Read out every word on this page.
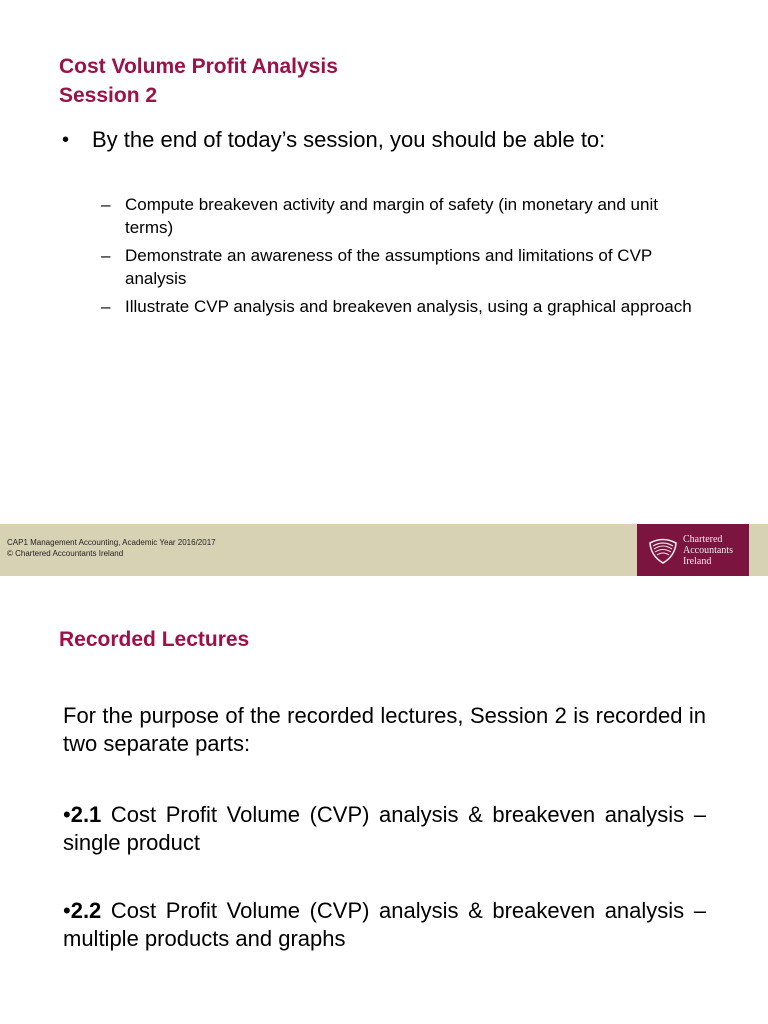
Cost Volume Profit Analysis
Session 2
• By the end of today’s session, you should be able to:
– Compute breakeven activity and margin of safety (in monetary and unit terms)
– Demonstrate an awareness of the assumptions and limitations of CVP analysis
– Illustrate CVP analysis and breakeven analysis, using a graphical approach
CAP1 Management Accounting, Academic Year 2016/2017
© Chartered Accountants Ireland
Chartered
Accountants
Ireland
Recorded Lectures
For the purpose of the recorded lectures, Session 2 is recorded in two separate parts:
•2.1 Cost Profit Volume (CVP) analysis & breakeven analysis – single product
•2.2 Cost Profit Volume (CVP) analysis & breakeven analysis – multiple products and graphs
